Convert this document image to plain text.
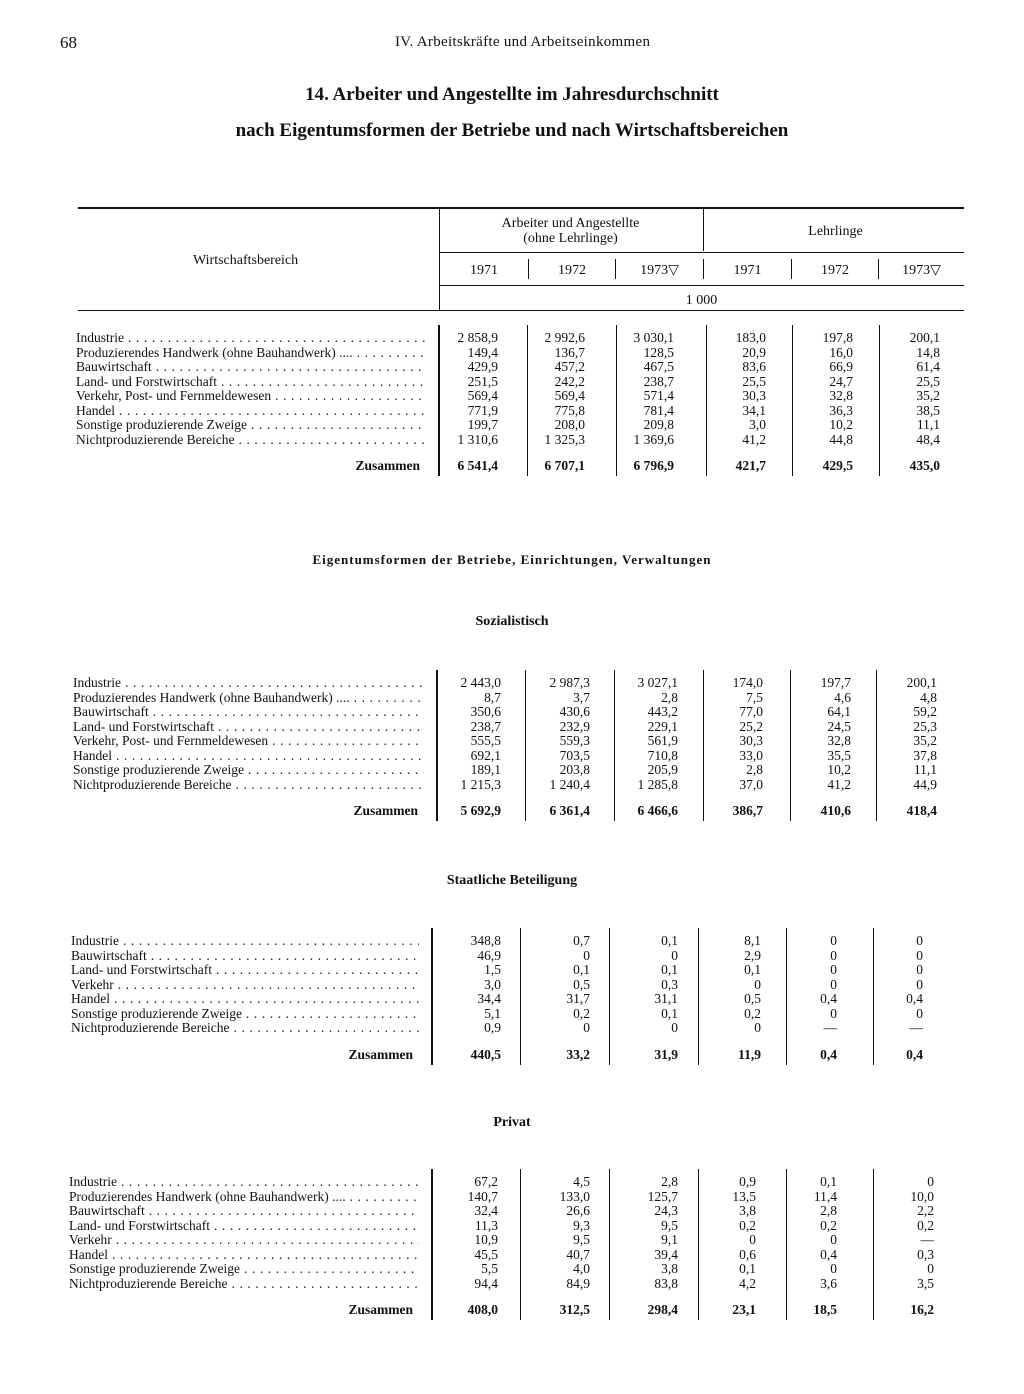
68	IV. Arbeitskräfte und Arbeitseinkommen
14. Arbeiter und Angestellte im Jahresdurchschnitt
nach Eigentumsformen der Betriebe und nach Wirtschaftsbereichen
Wirtschaftsbereich
Arbeiter und Angestellte
(ohne Lehrlinge)	Lehrlinge
1971	1972	1973▽	1971	1972	1973▽
1 000
Eigentumsformen der Betriebe, Einrichtungen, Verwaltungen
Industrie . . .	2 858,9	2 992,6	3 030,1	183,0	197,8	200,1
Produzierendes Handwerk (ohne Bauhandwerk) .... . . .	149,4	136,7	128,5	20,9	16,0	14,8
Bauwirtschaft . . .	429,9	457,2	467,5	83,6	66,9	61,4
Land- und Forstwirtschaft . . .	251,5	242,2	238,7	25,5	24,7	25,5
Verkehr, Post- und Fernmeldewesen . . .	569,4	569,4	571,4	30,3	32,8	35,2
Handel . . .	771,9	775,8	781,4	34,1	36,3	38,5
Sonstige produzierende Zweige . . .	199,7	208,0	209,8	3,0	10,2	11,1
Nichtproduzierende Bereiche . . .	1 310,6	1 325,3	1 369,6	41,2	44,8	48,4
Zusammen	6 541,4	6 707,1	6 796,9	421,7	429,5	435,0
Industrie . . .	2 443,0	2 987,3	3 027,1	174,0	197,7	200,1
Produzierendes Handwerk (ohne Bauhandwerk) .... . . .	8,7	3,7	2,8	7,5	4,6	4,8
Bauwirtschaft . . .	350,6	430,6	443,2	77,0	64,1	59,2
Land- und Forstwirtschaft . . .	238,7	232,9	229,1	25,2	24,5	25,3
Verkehr, Post- und Fernmeldewesen . . .	555,5	559,3	561,9	30,3	32,8	35,2
Handel . . .	692,1	703,5	710,8	33,0	35,5	37,8
Sonstige produzierende Zweige . . .	189,1	203,8	205,9	2,8	10,2	11,1
Nichtproduzierende Bereiche . . .	1 215,3	1 240,4	1 285,8	37,0	41,2	44,9
Zusammen	5 692,9	6 361,4	6 466,6	386,7	410,6	418,4
Industrie . . .	348,8	0,7	0,1	8,1	0	0
Bauwirtschaft . . .	46,9	0	0	2,9	0	0
Land- und Forstwirtschaft . . .	1,5	0,1	0,1	0,1	0	0
Verkehr . . .	3,0	0,5	0,3	0	0	0
Handel . . .	34,4	31,7	31,1	0,5	0,4	0,4
Sonstige produzierende Zweige . . .	5,1	0,2	0,1	0,2	0	0
Nichtproduzierende Bereiche . . .	0,9	0	0	0	—	—
Zusammen	440,5	33,2	31,9	11,9	0,4	0,4
Industrie . . .	67,2	4,5	2,8	0,9	0,1	0
Produzierendes Handwerk (ohne Bauhandwerk) .... . . .	140,7	133,0	125,7	13,5	11,4	10,0
Bauwirtschaft . . .	32,4	26,6	24,3	3,8	2,8	2,2
Land- und Forstwirtschaft . . .	11,3	9,3	9,5	0,2	0,2	0,2
Verkehr . . .	10,9	9,5	9,1	0	0	—
Handel . . .	45,5	40,7	39,4	0,6	0,4	0,3
Sonstige produzierende Zweige . . .	5,5	4,0	3,8	0,1	0	0
Nichtproduzierende Bereiche . . .	94,4	84,9	83,8	4,2	3,6	3,5
Zusammen	408,0	312,5	298,4	23,1	18,5	16,2
Sozialistisch
Staatliche Beteiligung
Privat
